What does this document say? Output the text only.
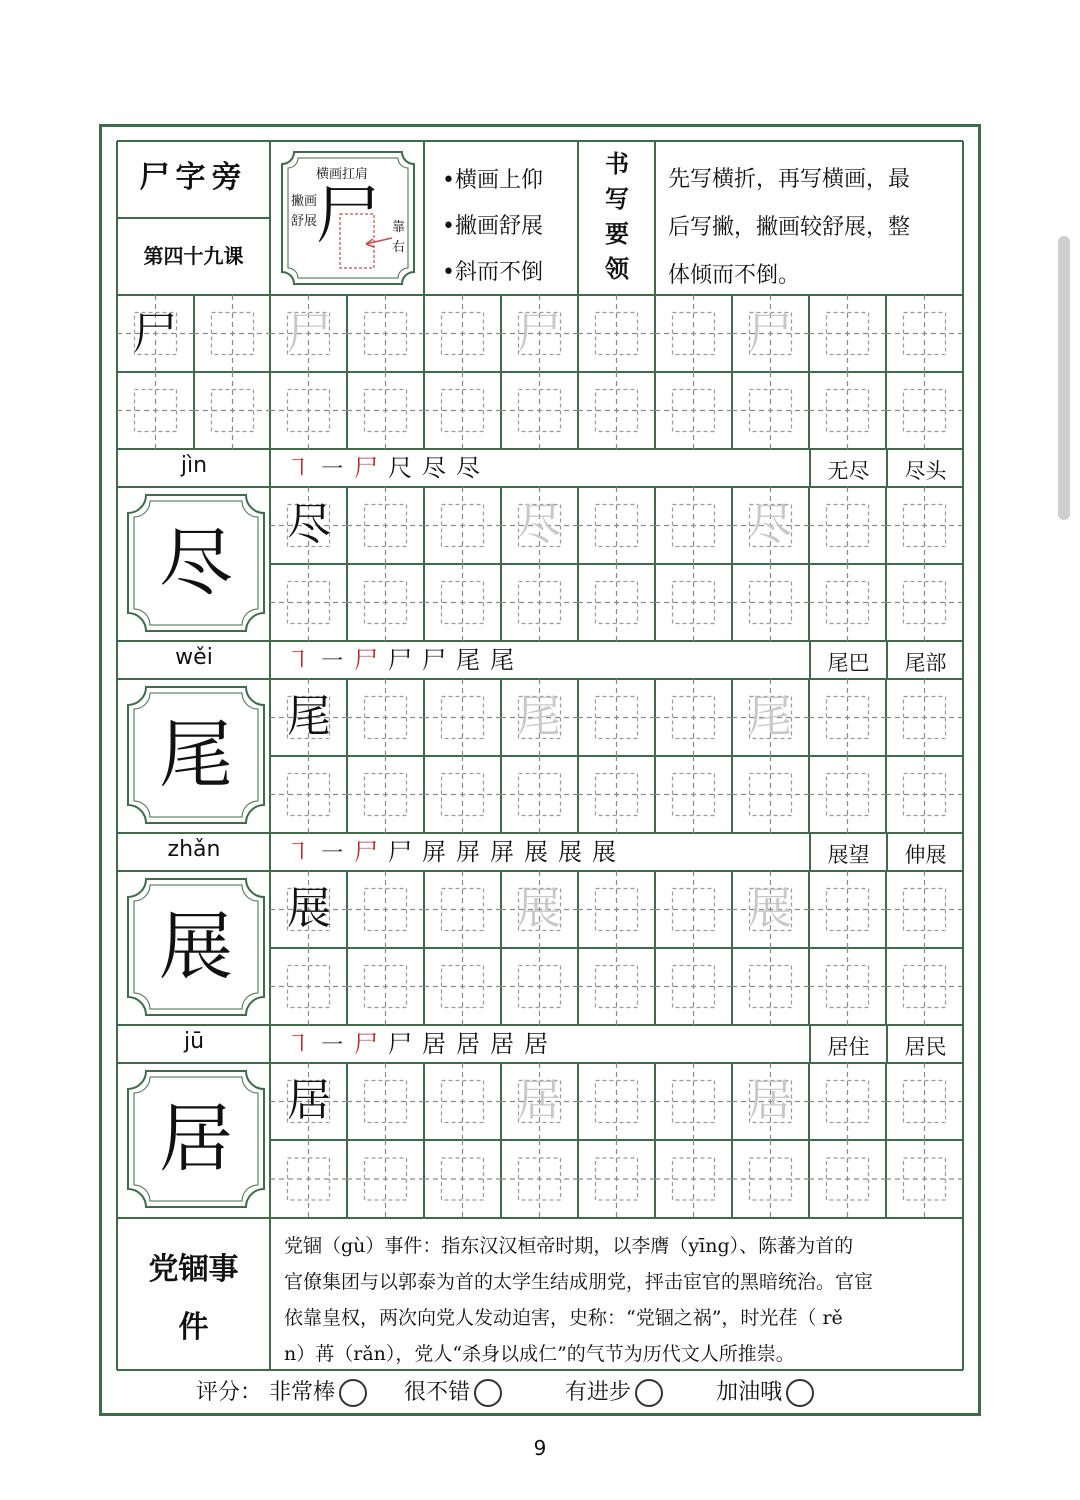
尸字旁
第四十九课
横画扛肩
撇画舒展	靠右
尸	•横画上仰
•撇画舒展
•斜而不倒
书写要领
先写横折，再写横画，最
后写撇，撇画较舒展，整
体倾而不倒。
尸	尸	尸	尸
jìn	㇕ ㇐ 尸 尺 尽 尽	无尽	尽头
尽	尽	尽	尽
wěi	㇕ ㇐ 尸 尸 尸 尾 尾	尾巴	尾部
尾	尾	尾	尾
zhǎn	㇕ ㇐ 尸 尸 屏 屏 屏 展 展 展	展望	伸展
展	展	展	展
jū	㇕ ㇐ 尸 尸 居 居 居 居	居住	居民
居	居	居	居
党锢事
件
党锢（gù）事件：指东汉汉桓帝时期，以李膺（yīng）、陈蕃为首的
官僚集团与以郭泰为首的太学生结成朋党，抨击宦官的黑暗统治。官宦
依靠皇权，两次向党人发动迫害，史称：“党锢之祸”，时光荏（ rě
n）苒（rǎn），党人“杀身以成仁”的气节为历代文人所推崇。
评分： 非常棒	很不错	有进步	加油哦
9
